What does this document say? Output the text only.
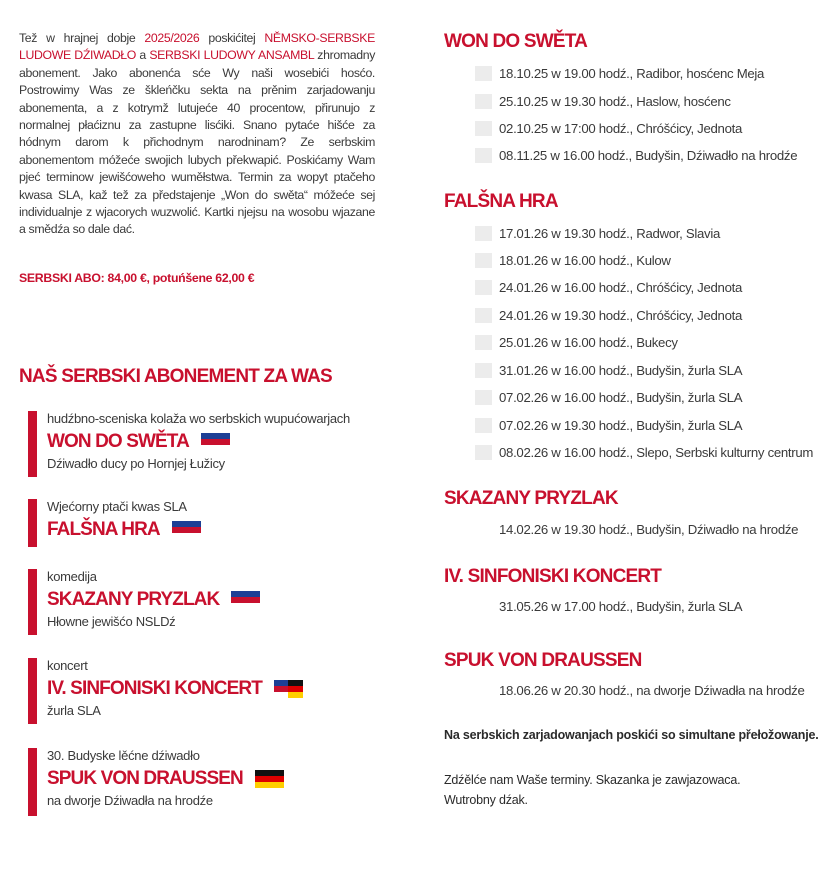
Tež w hrajnej dobje 2025/2026 poskićitej NĚMSKO-SERBSKE LUDOWE DŹIWADŁO a SERBSKI LUDOWY ANSAMBL zhromadny abonement. Jako abonenća sće Wy naši wosebići hosćo. Postrowimy Was ze škleńčku sekta na prěnim zarjadowanju abonementa, a z kotrymž lutujeće 40 procentow, přirunujo z normalnej płaćiznu za zastupne lisćiki. Snano pytaće hišće za hódnym darom k přichodnym narodninam? Ze serbskim abonementom móžeće swojich lubych překwapić. Poskićamy Wam pjeć terminow jewišćoweho wuměłstwa. Termin za wopyt ptačeho kwasa SLA, kaž tež za předstajenje „Won do swěta“ móžeće sej individualnje z wjacorych wuzwolić. Kartki njejsu na wosobu wjazane a smědźa so dale dać.
SERBSKI ABO: 84,00 €, potuńšene 62,00 €
NAŠ SERBSKI ABONEMENT ZA WAS
hudźbno-sceniska kolaža wo serbskich wupućowarjach
WON DO SWĚTA
Dźiwadło ducy po Hornjej Łužicy
Wjećorny ptači kwas SLA
FALŠNA HRA
komedija
SKAZANY PRYZLAK
Hłowne jewišćo NSLDź
koncert
IV. SINFONISKI KONCERT
žurla SLA
30. Budyske lěćne dźiwadło
SPUK VON DRAUSSEN
na dworje Dźiwadła na hrodźe
WON DO SWĚTA
18.10.25 w 19.00 hodź., Radibor, hosćenc Meja
25.10.25 w 19.30 hodź., Haslow, hosćenc
02.10.25 w 17:00 hodź., Chróšćicy, Jednota
08.11.25 w 16.00 hodź., Budyšin, Dźiwadło na hrodźe
FALŠNA HRA
17.01.26 w 19.30 hodź., Radwor, Slavia
18.01.26 w 16.00 hodź., Kulow
24.01.26 w 16.00 hodź., Chróšćicy, Jednota
24.01.26 w 19.30 hodź., Chróšćicy, Jednota
25.01.26 w 16.00 hodź., Bukecy
31.01.26 w 16.00 hodź., Budyšin, žurla SLA
07.02.26 w 16.00 hodź., Budyšin, žurla SLA
07.02.26 w 19.30 hodź., Budyšin, žurla SLA
08.02.26 w 16.00 hodź., Slepo, Serbski kulturny centrum
SKAZANY PRYZLAK
14.02.26 w 19.30 hodź., Budyšin, Dźiwadło na hrodźe
IV. SINFONISKI KONCERT
31.05.26 w 17.00 hodź., Budyšin, žurla SLA
SPUK VON DRAUSSEN
18.06.26 w 20.30 hodź., na dworje Dźiwadła na hrodźe
Na serbskich zarjadowanjach poskići so simultane přełožowanje.
Zdźělće nam Waše terminy. Skazanka je zawjazowaca.
Wutrobny dźak.
